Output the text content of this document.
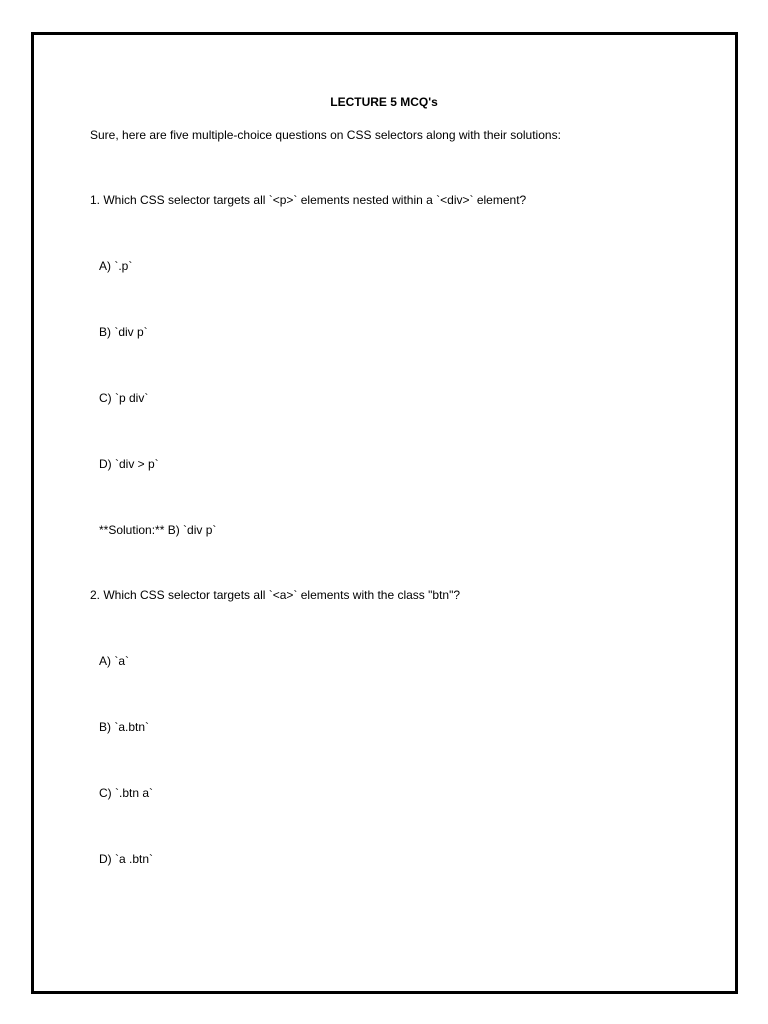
LECTURE 5 MCQ's
Sure, here are five multiple-choice questions on CSS selectors along with their solutions:
1. Which CSS selector targets all `<p>` elements nested within a `<div>` element?
A) `.p`
B) `div p`
C) `p div`
D) `div > p`
**Solution:** B) `div p`
2. Which CSS selector targets all `<a>` elements with the class "btn"?
A) `a`
B) `a.btn`
C) `.btn a`
D) `a .btn`
